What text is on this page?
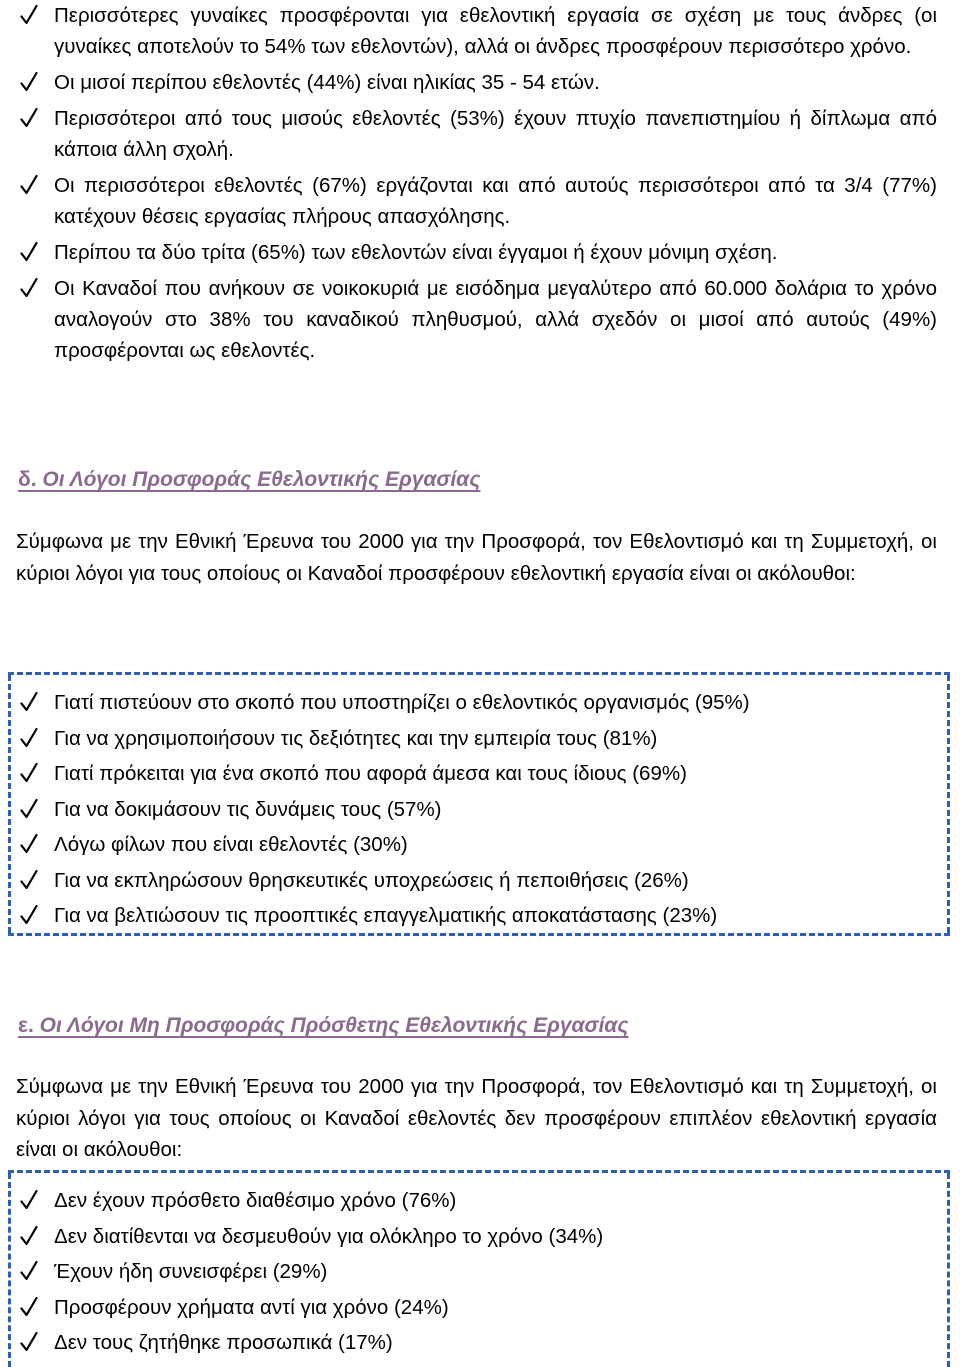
Περισσότερες γυναίκες προσφέρονται για εθελοντική εργασία σε σχέση με τους άνδρες (οι γυναίκες αποτελούν το 54% των εθελοντών), αλλά οι άνδρες προσφέρουν περισσότερο χρόνο.
Οι μισοί περίπου εθελοντές (44%) είναι ηλικίας 35 - 54 ετών.
Περισσότεροι από τους μισούς εθελοντές (53%) έχουν πτυχίο πανεπιστημίου ή δίπλωμα από κάποια άλλη σχολή.
Οι περισσότεροι εθελοντές (67%) εργάζονται και από αυτούς περισσότεροι από τα 3/4 (77%) κατέχουν θέσεις εργασίας πλήρους απασχόλησης.
Περίπου τα δύο τρίτα (65%) των εθελοντών είναι έγγαμοι ή έχουν μόνιμη σχέση.
Οι Καναδοί που ανήκουν σε νοικοκυριά με εισόδημα μεγαλύτερο από 60.000 δολάρια το χρόνο αναλογούν στο 38% του καναδικού πληθυσμού, αλλά σχεδόν οι μισοί από αυτούς (49%) προσφέρονται ως εθελοντές.
δ. Οι Λόγοι Προσφοράς Εθελοντικής Εργασίας

Σύμφωνα με την Εθνική Έρευνα του 2000 για την Προσφορά, τον Εθελοντισμό και τη Συμμετοχή, οι κύριοι λόγοι για τους οποίους οι Καναδοί προσφέρουν εθελοντική εργασία είναι οι ακόλουθοι:

Γιατί πιστεύουν στο σκοπό που υποστηρίζει ο εθελοντικός οργανισμός (95%)
Για να χρησιμοποιήσουν τις δεξιότητες και την εμπειρία τους (81%)
Γιατί πρόκειται για ένα σκοπό που αφορά άμεσα και τους ίδιους (69%)
Για να δοκιμάσουν τις δυνάμεις τους (57%)
Λόγω φίλων που είναι εθελοντές (30%)
Για να εκπληρώσουν θρησκευτικές υποχρεώσεις ή πεποιθήσεις (26%)
Για να βελτιώσουν τις προοπτικές επαγγελματικής αποκατάστασης (23%)
ε. Οι Λόγοι Μη Προσφοράς Πρόσθετης Εθελοντικής Εργασίας

Σύμφωνα με την Εθνική Έρευνα του 2000 για την Προσφορά, τον Εθελοντισμό και τη Συμμετοχή, οι κύριοι λόγοι για τους οποίους οι Καναδοί εθελοντές δεν προσφέρουν επιπλέον εθελοντική εργασία είναι οι ακόλουθοι:

Δεν έχουν πρόσθετο διαθέσιμο χρόνο (76%)
Δεν διατίθενται να δεσμευθούν για ολόκληρο το χρόνο (34%)
Έχουν ήδη συνεισφέρει (29%)
Προσφέρουν χρήματα αντί για χρόνο (24%)
Δεν τους ζητήθηκε προσωπικά (17%)
